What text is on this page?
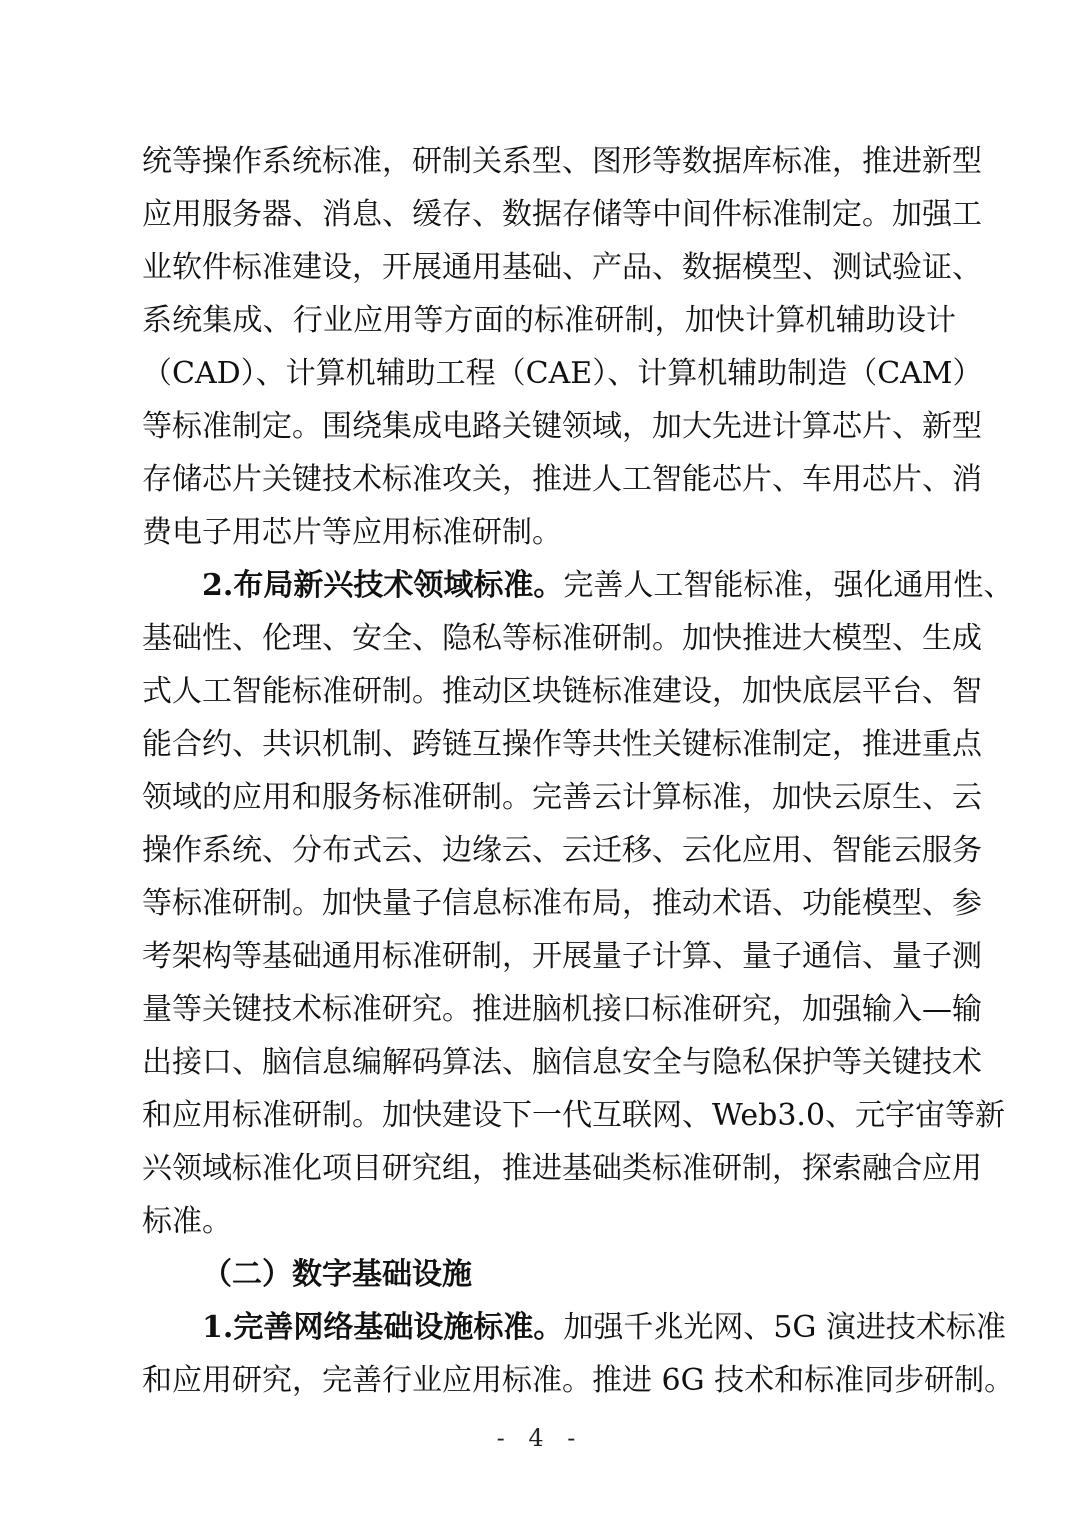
统等操作系统标准，研制关系型、图形等数据库标准，推进新型
应用服务器、消息、缓存、数据存储等中间件标准制定。加强工
业软件标准建设，开展通用基础、产品、数据模型、测试验证、
系统集成、行业应用等方面的标准研制，加快计算机辅助设计
（CAD）、计算机辅助工程（CAE）、计算机辅助制造（CAM）
等标准制定。围绕集成电路关键领域，加大先进计算芯片、新型
存储芯片关键技术标准攻关，推进人工智能芯片、车用芯片、消
费电子用芯片等应用标准研制。
2.布局新兴技术领域标准。完善人工智能标准，强化通用性、
基础性、伦理、安全、隐私等标准研制。加快推进大模型、生成
式人工智能标准研制。推动区块链标准建设，加快底层平台、智
能合约、共识机制、跨链互操作等共性关键标准制定，推进重点
领域的应用和服务标准研制。完善云计算标准，加快云原生、云
操作系统、分布式云、边缘云、云迁移、云化应用、智能云服务
等标准研制。加快量子信息标准布局，推动术语、功能模型、参
考架构等基础通用标准研制，开展量子计算、量子通信、量子测
量等关键技术标准研究。推进脑机接口标准研究，加强输入—输
出接口、脑信息编解码算法、脑信息安全与隐私保护等关键技术
和应用标准研制。加快建设下一代互联网、Web3.0、元宇宙等新
兴领域标准化项目研究组，推进基础类标准研制，探索融合应用
标准。
（二）数字基础设施
1.完善网络基础设施标准。加强千兆光网、5G 演进技术标准
和应用研究，完善行业应用标准。推进 6G 技术和标准同步研制。
- 4 -
